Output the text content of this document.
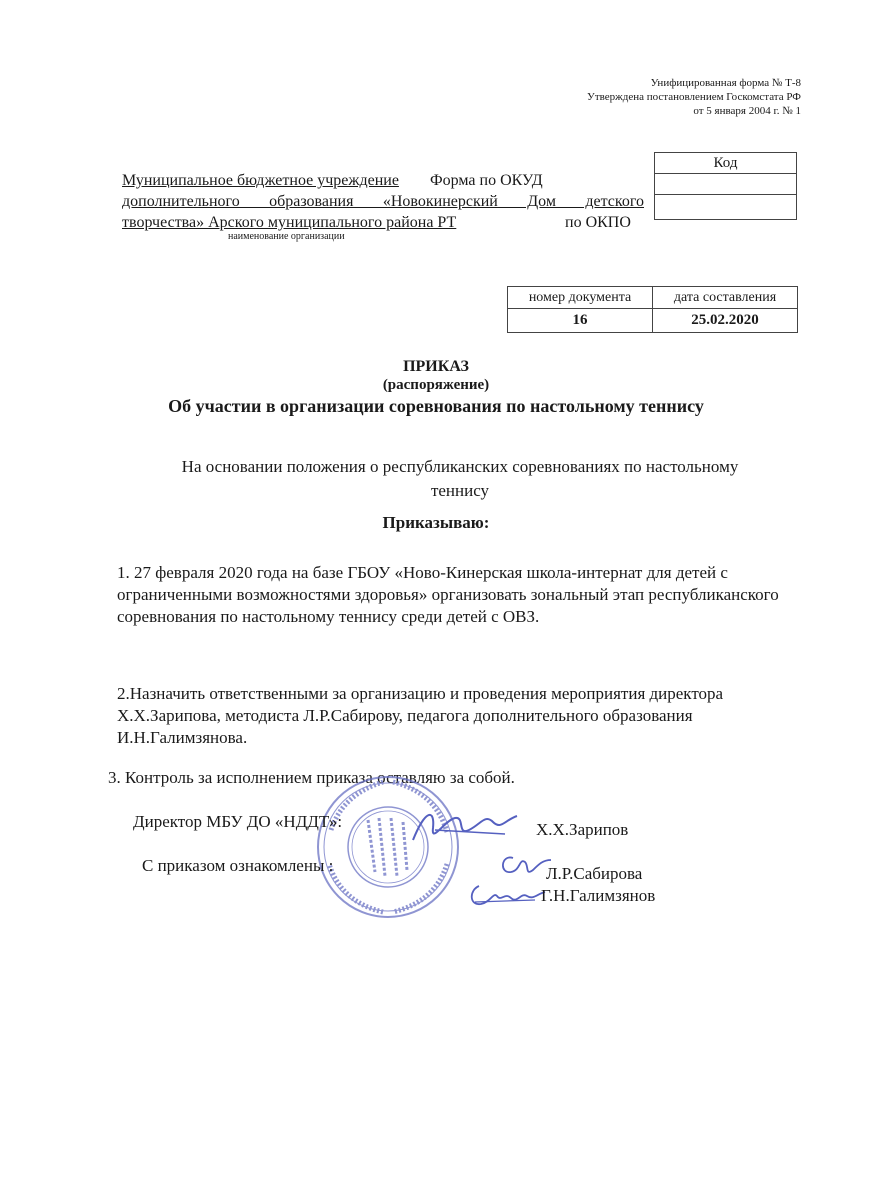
Унифицированная форма № Т-8
Утверждена постановлением Госкомстата РФ
от 5 января 2004 г. № 1
Муниципальное бюджетное учреждение
дополнительного образования «Новокинерский Дом детского
творчества» Арского муниципального района РТ
Форма по ОКУД
по ОКПО
наименование организации
Код

номер документа	дата составления
16	25.02.2020
ПРИКАЗ
(распоряжение)
Об участии в организации соревнования по настольному теннису
На основании положения о республиканских соревнованиях по настольному теннису
Приказываю:
1. 27 февраля 2020 года на базе ГБОУ «Ново-Кинерская школа-интернат для детей с ограниченными возможностями здоровья» организовать зональный этап республиканского соревнования по настольному теннису среди детей с ОВЗ.
2.Назначить ответственными за организацию и проведения мероприятия директора Х.Х.Зарипова, методиста Л.Р.Сабирову, педагога дополнительного образования И.Н.Галимзянова.
3. Контроль за исполнением приказа оставляю за собой.
Директор МБУ ДО «НДДТ»:	Х.Х.Зарипов
С приказом ознакомлены :	Л.Р.Сабирова
Г.Н.Галимзянов
